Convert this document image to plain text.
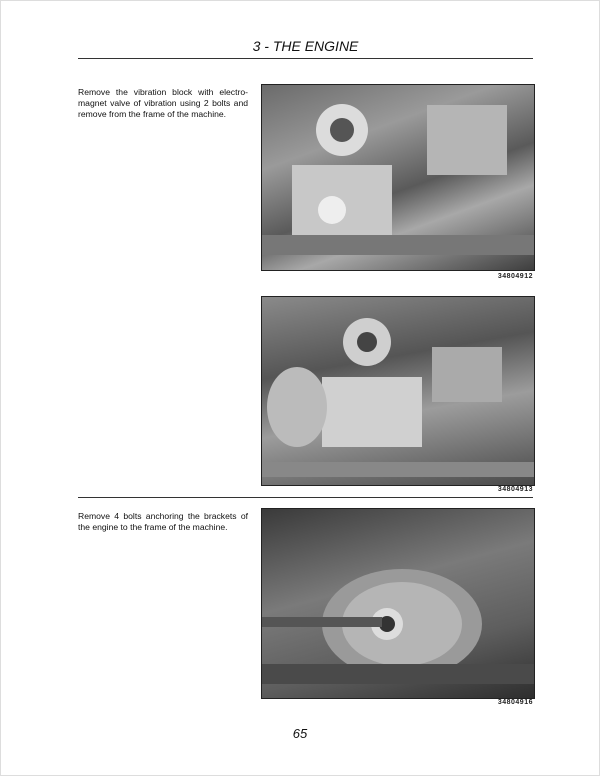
3 - THE ENGINE
Remove the vibration block with electro-magnet valve of vibration using 2 bolts and remove from the frame of the machine.
34804912
34804913
Remove 4 bolts anchoring the brackets of the engine to the frame of the machine.
34804916
65
